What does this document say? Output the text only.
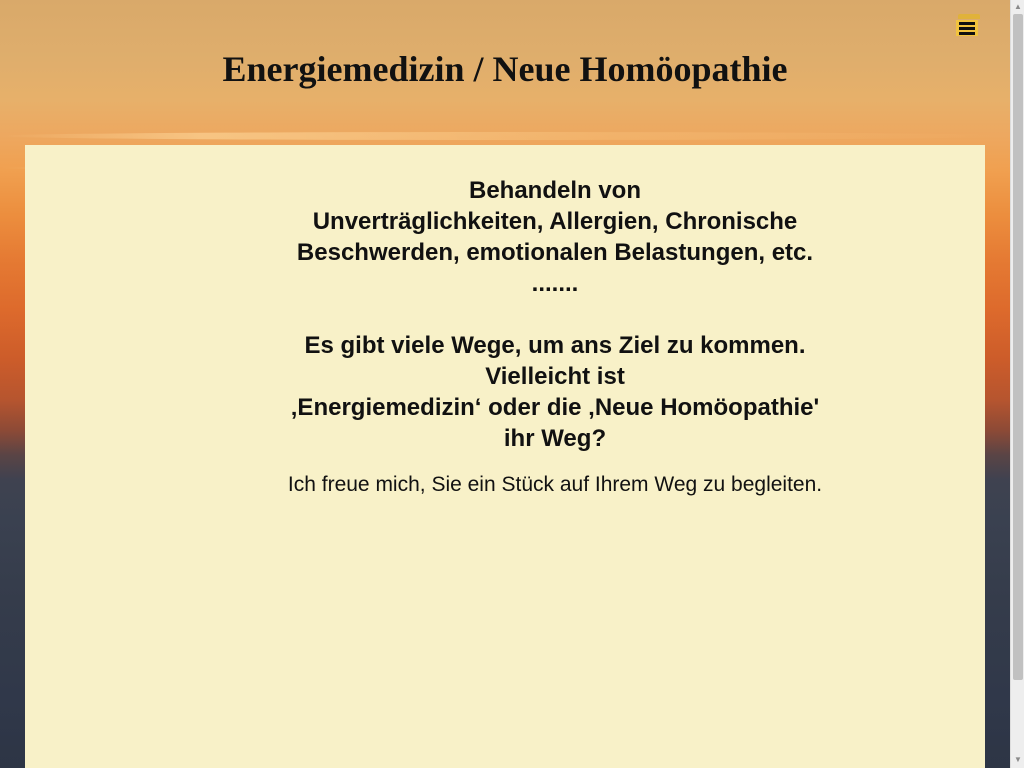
Energiemedizin / Neue Homöopathie
Behandeln von
Unverträglichkeiten, Allergien, Chronische
Beschwerden, emotionalen Belastungen, etc.
.......
Es gibt viele Wege, um ans Ziel zu kommen.
Vielleicht ist
‚Energiemedizin‘ oder die ‚Neue Homöopathie'
ihr Weg?
Ich freue mich, Sie ein Stück auf Ihrem Weg zu begleiten.
▲
▼
